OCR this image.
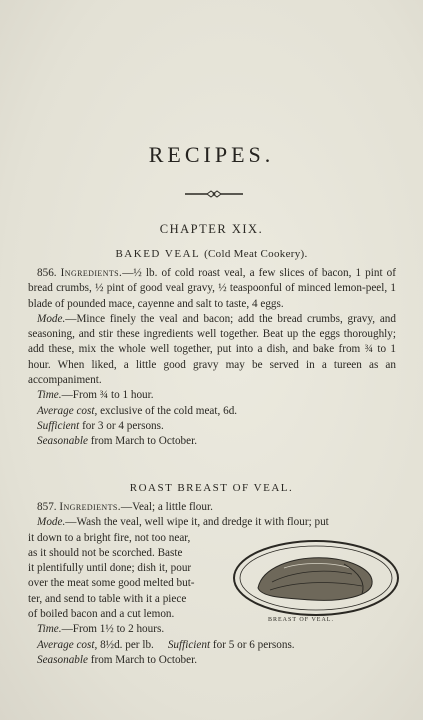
RECIPES.
CHAPTER XIX.
BAKED VEAL (Cold Meat Cookery).

856. Ingredients.—½ lb. of cold roast veal, a few slices of bacon, 1 pint of bread crumbs, ½ pint of good veal gravy, ½ teaspoonful of minced lemon-peel, 1 blade of pounded mace, cayenne and salt to taste, 4 eggs.

Mode.—Mince finely the veal and bacon; add the bread crumbs, gravy, and seasoning, and stir these ingredients well together. Beat up the eggs thoroughly; add these, mix the whole well together, put into a dish, and bake from ¾ to 1 hour. When liked, a little good gravy may be served in a tureen as an accompaniment.

Time.—From ¾ to 1 hour.

Average cost, exclusive of the cold meat, 6d.

Sufficient for 3 or 4 persons.

Seasonable from March to October.

ROAST BREAST OF VEAL.

857. Ingredients.—Veal; a little flour.

Mode.—Wash the veal, well wipe it, and dredge it with flour; put

it down to a bright fire, not too near,
as it should not be scorched. Baste
it plentifully until done; dish it, pour
over the meat some good melted but-
ter, and send to table with it a piece
of boiled bacon and a cut lemon.

Time.—From 1½ to 2 hours.

Average cost, 8½d. per lb. Sufficient for 5 or 6 persons.

Seasonable from March to October.

BREAST OF VEAL.
